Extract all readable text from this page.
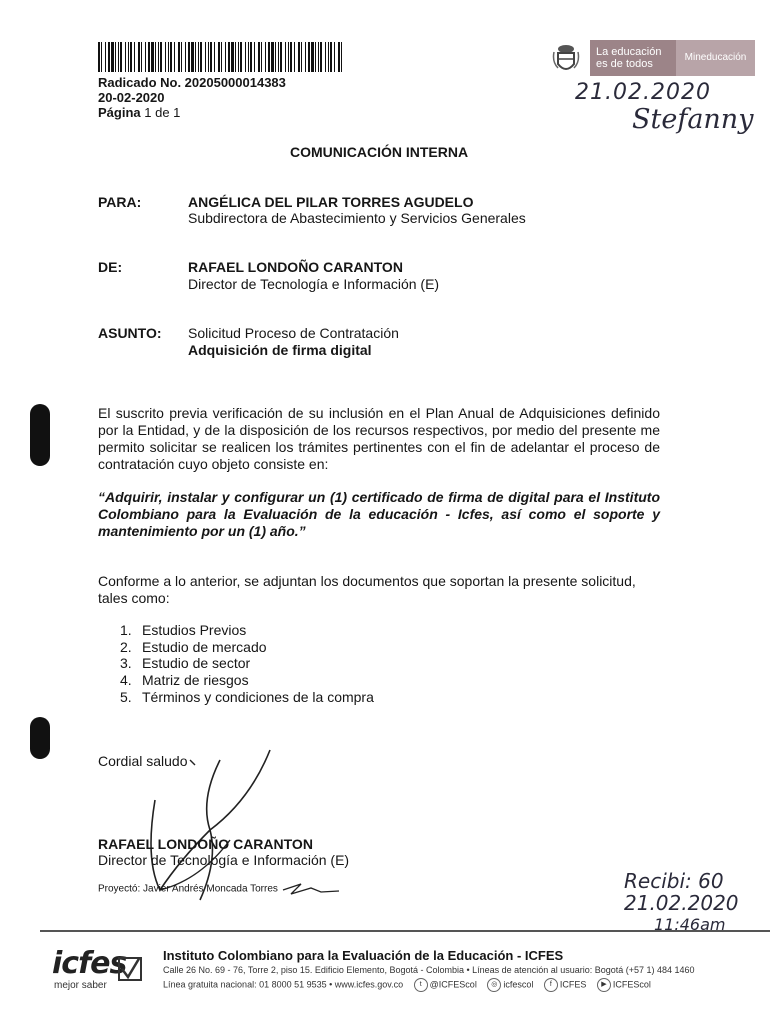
Radicado No. 20205000014383
20-02-2020
Página 1 de 1
La educación es de todos
Mineducación
21.02.2020
Stefanny
COMUNICACIÓN INTERNA
PARA:	ANGÉLICA DEL PILAR TORRES AGUDELO
Subdirectora de Abastecimiento y Servicios Generales
DE:	RAFAEL LONDOÑO CARANTON
Director de Tecnología e Información (E)
ASUNTO: Solicitud Proceso de Contratación
Adquisición de firma digital
El suscrito previa verificación de su inclusión en el Plan Anual de Adquisiciones definido por la Entidad, y de la disposición de los recursos respectivos, por medio del presente me permito solicitar se realicen los trámites pertinentes con el fin de adelantar el proceso de contratación cuyo objeto consiste en:
“Adquirir, instalar y configurar un (1) certificado de firma de digital para el Instituto Colombiano para la Evaluación de la educación - Icfes, así como el soporte y mantenimiento por un (1) año.”
Conforme a lo anterior, se adjuntan los documentos que soportan la presente solicitud, tales como:
1. Estudios Previos
2. Estudio de mercado
3. Estudio de sector
4. Matriz de riesgos
5. Términos y condiciones de la compra
Cordial saludo
RAFAEL LONDOÑO CARANTON
Director de Tecnología e Información (E)
Proyectó: Javier Andrés Moncada Torres	Recibi: 60
21.02.2020
11:46am
icfes
mejor saber
Instituto Colombiano para la Evaluación de la Educación - ICFES
Calle 26 No. 69 - 76, Torre 2, piso 15. Edificio Elemento, Bogotá - Colombia • Líneas de atención al usuario: Bogotá (+57 1) 484 1460
Línea gratuita nacional: 01 8000 51 9535 • www.icfes.gov.co t @ICFEScol ◎ icfescol f ICFES ▶ ICFEScol
